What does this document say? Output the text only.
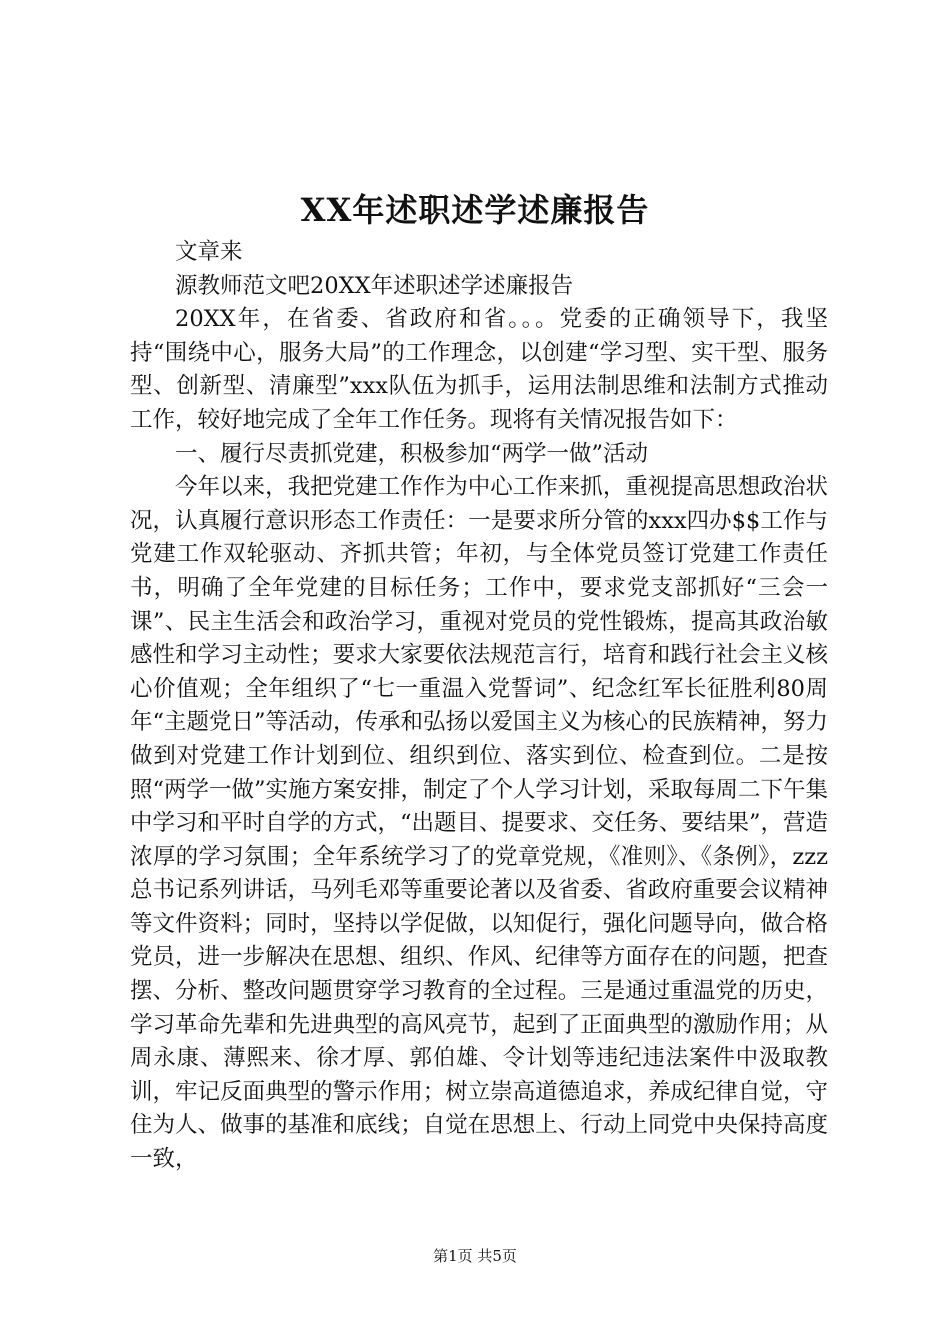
XX年述职述学述廉报告

文章来

源教师范文吧20XX年述职述学述廉报告

20XX年，在省委、省政府和省。。。党委的正确领导下，我坚持“围绕中心，服务大局”的工作理念，以创建“学习型、实干型、服务型、创新型、清廉型”xxx队伍为抓手，运用法制思维和法制方式推动工作，较好地完成了全年工作任务。现将有关情况报告如下：

一、履行尽责抓党建，积极参加“两学一做”活动

今年以来，我把党建工作作为中心工作来抓，重视提高思想政治状况，认真履行意识形态工作责任：一是要求所分管的xxx四办$$工作与党建工作双轮驱动、齐抓共管；年初，与全体党员签订党建工作责任书，明确了全年党建的目标任务；工作中，要求党支部抓好“三会一课”、民主生活会和政治学习，重视对党员的党性锻炼，提高其政治敏感性和学习主动性；要求大家要依法规范言行，培育和践行社会主义核心价值观；全年组织了“七一重温入党誓词”、纪念红军长征胜利80周年“主题党日”等活动，传承和弘扬以爱国主义为核心的民族精神，努力做到对党建工作计划到位、组织到位、落实到位、检查到位。二是按照“两学一做”实施方案安排，制定了个人学习计划，采取每周二下午集中学习和平时自学的方式，“出题目、提要求、交任务、要结果”，营造浓厚的学习氛围；全年系统学习了的党章党规，《准则》、《条例》，zzz总书记系列讲话，马列毛邓等重要论著以及省委、省政府重要会议精神等文件资料；同时，坚持以学促做，以知促行，强化问题导向，做合格党员，进一步解决在思想、组织、作风、纪律等方面存在的问题，把查摆、分析、整改问题贯穿学习教育的全过程。三是通过重温党的历史，学习革命先辈和先进典型的高风亮节，起到了正面典型的激励作用；从周永康、薄熙来、徐才厚、郭伯雄、令计划等违纪违法案件中汲取教训，牢记反面典型的警示作用；树立崇高道德追求，养成纪律自觉，守住为人、做事的基准和底线；自觉在思想上、行动上同党中央保持高度一致，

第1页 共5页
